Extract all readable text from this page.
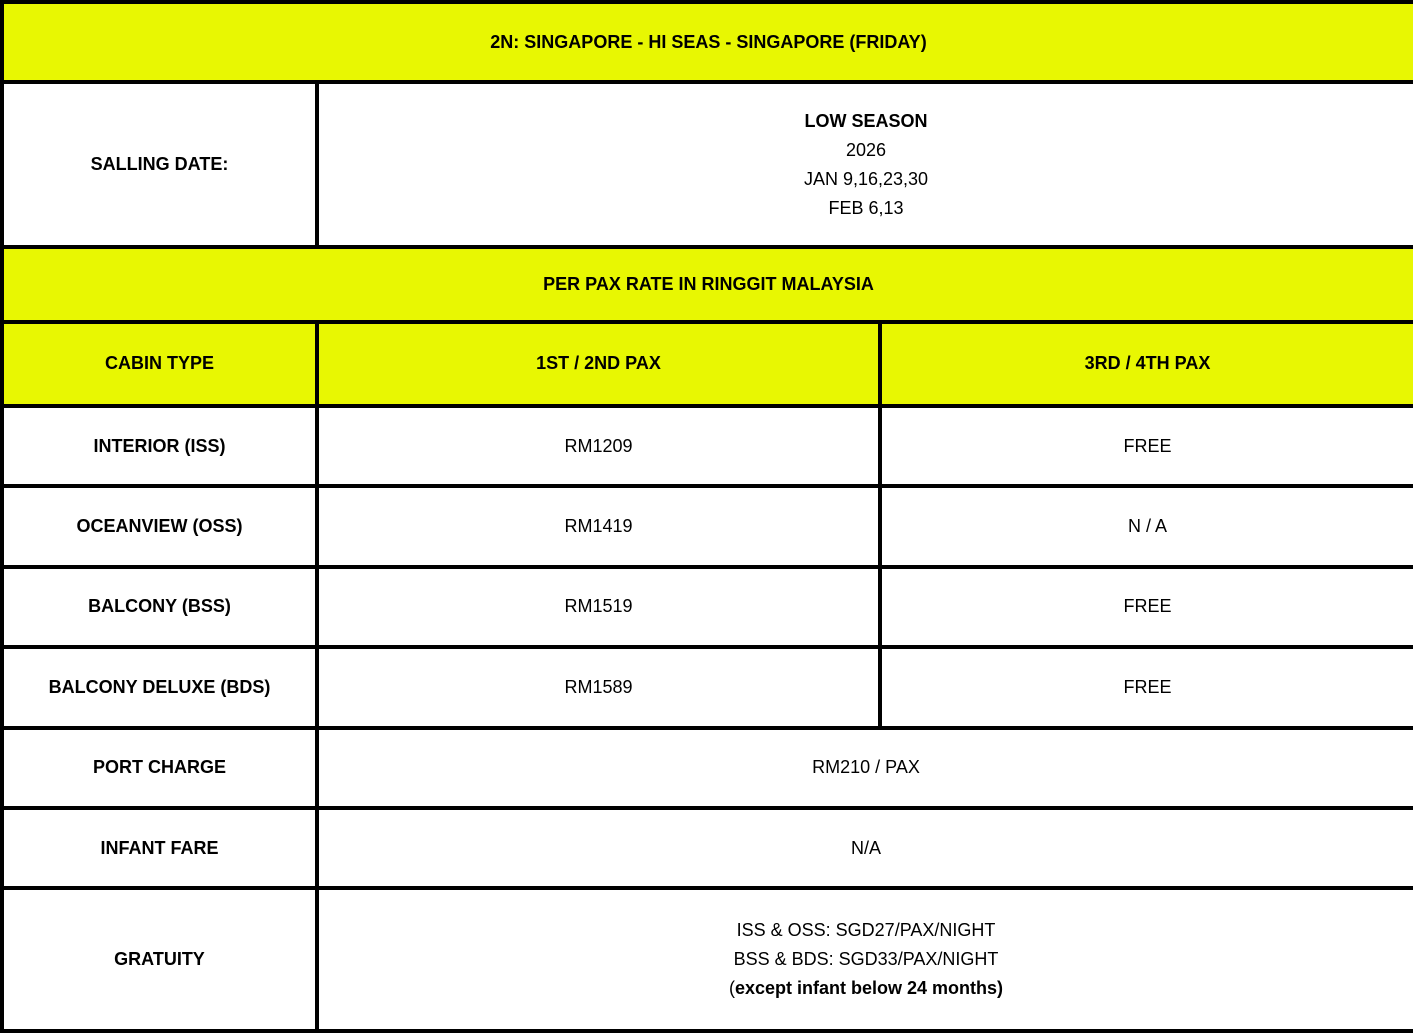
2N: SINGAPORE - HI SEAS - SINGAPORE (FRIDAY)		
SALLING DATE:	LOW SEASON
2026
JAN 9,16,23,30
FEB 6,13	

PER PAX RATE IN RINGGIT MALAYSIA		
CABIN TYPE	1ST / 2ND PAX	3RD / 4TH PAX
INTERIOR (ISS)	RM1209	FREE
OCEANVIEW (OSS)	RM1419	N / A
BALCONY (BSS)	RM1519	FREE
BALCONY DELUXE (BDS)	RM1589	FREE
PORT CHARGE	RM210 / PAX	
INFANT FARE	N/A	
GRATUITY	ISS & OSS: SGD27/PAX/NIGHT
BSS & BDS: SGD33/PAX/NIGHT
(except infant below 24 months)	
